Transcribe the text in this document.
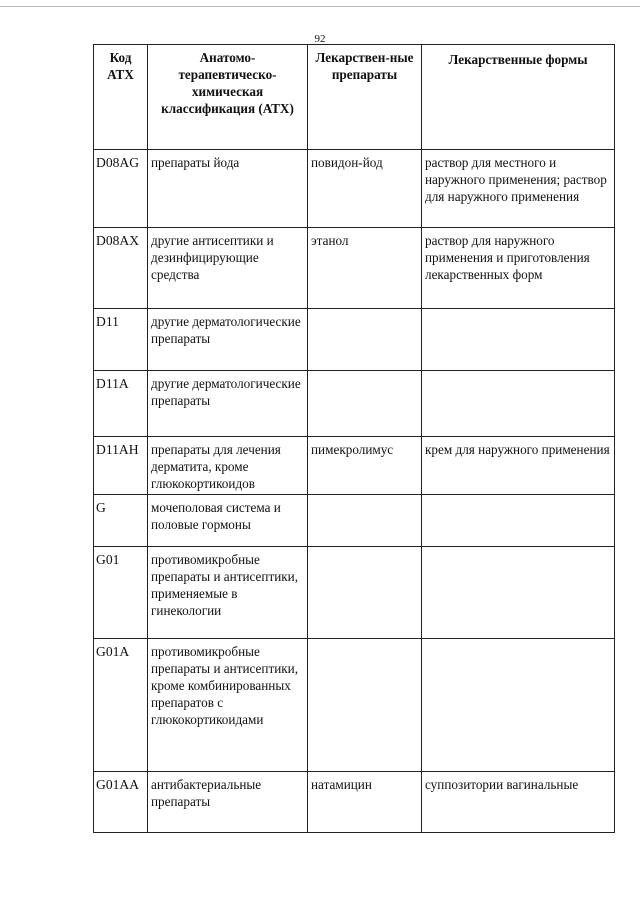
92
Код АТХ	Анатомо-терапевтическо-химическая классификация (АТХ)	Лекарствен-ные препараты	Лекарственные формы
D08AG	препараты йода	повидон-йод	раствор для местного и наружного применения; раствор для наружного применения
D08AX	другие антисептики и дезинфицирующие средства	этанол	раствор для наружного применения и приготовления лекарственных форм
D11	другие дерматологические препараты		
D11A	другие дерматологические препараты		
D11AH	препараты для лечения дерматита, кроме глюкокортикоидов	пимекролимус	крем для наружного применения
G	мочеполовая система и половые гормоны		
G01	противомикробные препараты и антисептики, применяемые в гинекологии		
G01A	противомикробные препараты и антисептики, кроме комбинированных препаратов с глюкокортикоидами		
G01AA	антибактериальные препараты	натамицин	суппозитории вагинальные
